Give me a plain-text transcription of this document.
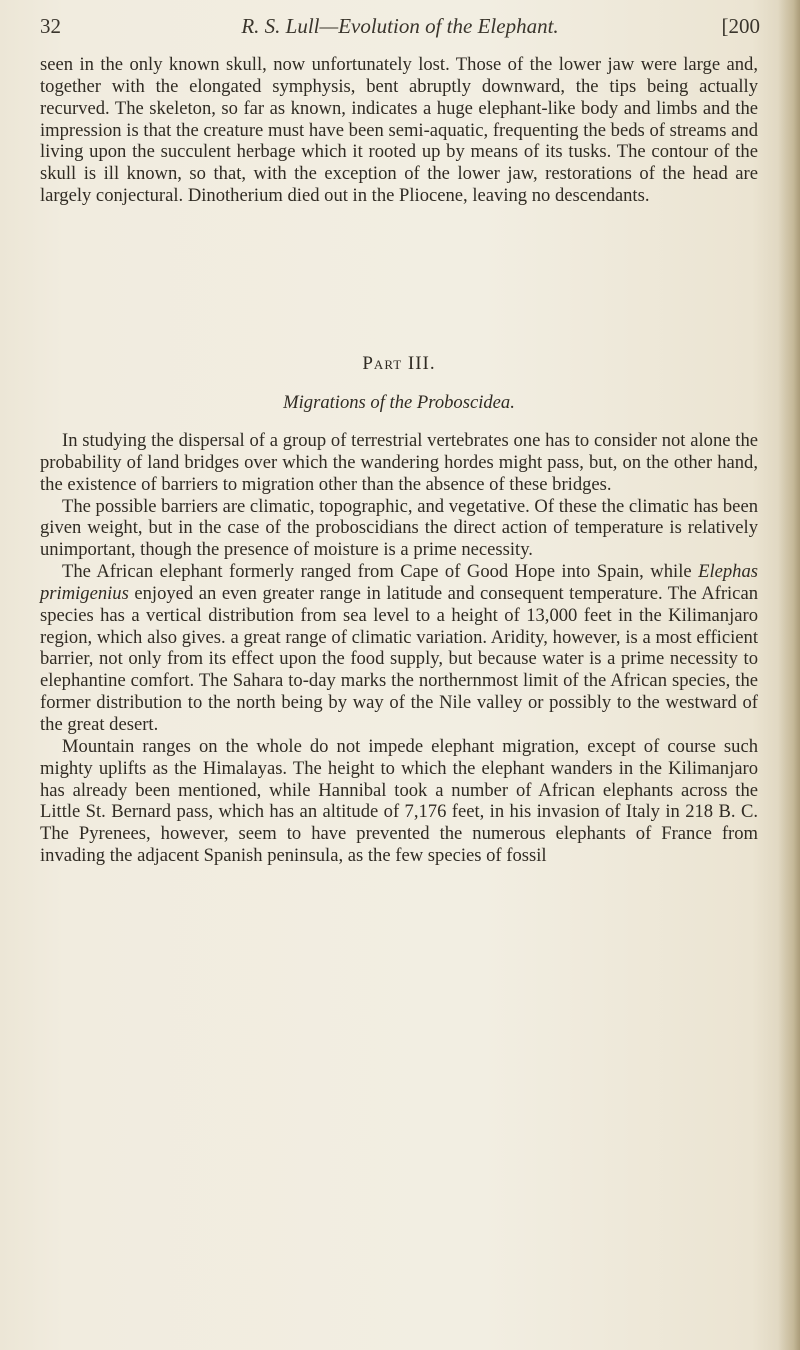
32	R. S. Lull—Evolution of the Elephant.	[200
seen in the only known skull, now unfortunately lost. Those of the lower jaw were large and, together with the elongated symphysis, bent abruptly downward, the tips being actually recurved. The skeleton, so far as known, indicates a huge elephant-like body and limbs and the impression is that the creature must have been semi-aquatic, frequenting the beds of streams and living upon the succulent herbage which it rooted up by means of its tusks. The contour of the skull is ill known, so that, with the exception of the lower jaw, restorations of the head are largely conjectural. Dinotherium died out in the Pliocene, leaving no descendants.
Part III.
Migrations of the Proboscidea.

In studying the dispersal of a group of terrestrial vertebrates one has to consider not alone the probability of land bridges over which the wandering hordes might pass, but, on the other hand, the existence of barriers to migration other than the absence of these bridges.

The possible barriers are climatic, topographic, and vegetative. Of these the climatic has been given weight, but in the case of the proboscidians the direct action of temperature is relatively unimportant, though the presence of moisture is a prime necessity.

The African elephant formerly ranged from Cape of Good Hope into Spain, while Elephas primigenius enjoyed an even greater range in latitude and consequent temperature. The African species has a vertical distribution from sea level to a height of 13,000 feet in the Kilimanjaro region, which also gives. a great range of climatic variation. Aridity, however, is a most efficient barrier, not only from its effect upon the food supply, but because water is a prime necessity to elephantine comfort. The Sahara to-day marks the northernmost limit of the African species, the former distribution to the north being by way of the Nile valley or possibly to the westward of the great desert.

Mountain ranges on the whole do not impede elephant migration, except of course such mighty uplifts as the Himalayas. The height to which the elephant wanders in the Kilimanjaro has already been mentioned, while Hannibal took a number of African elephants across the Little St. Bernard pass, which has an altitude of 7,176 feet, in his invasion of Italy in 218 B. C. The Pyrenees, however, seem to have prevented the numerous elephants of France from invading the adjacent Spanish peninsula, as the few species of fossil
